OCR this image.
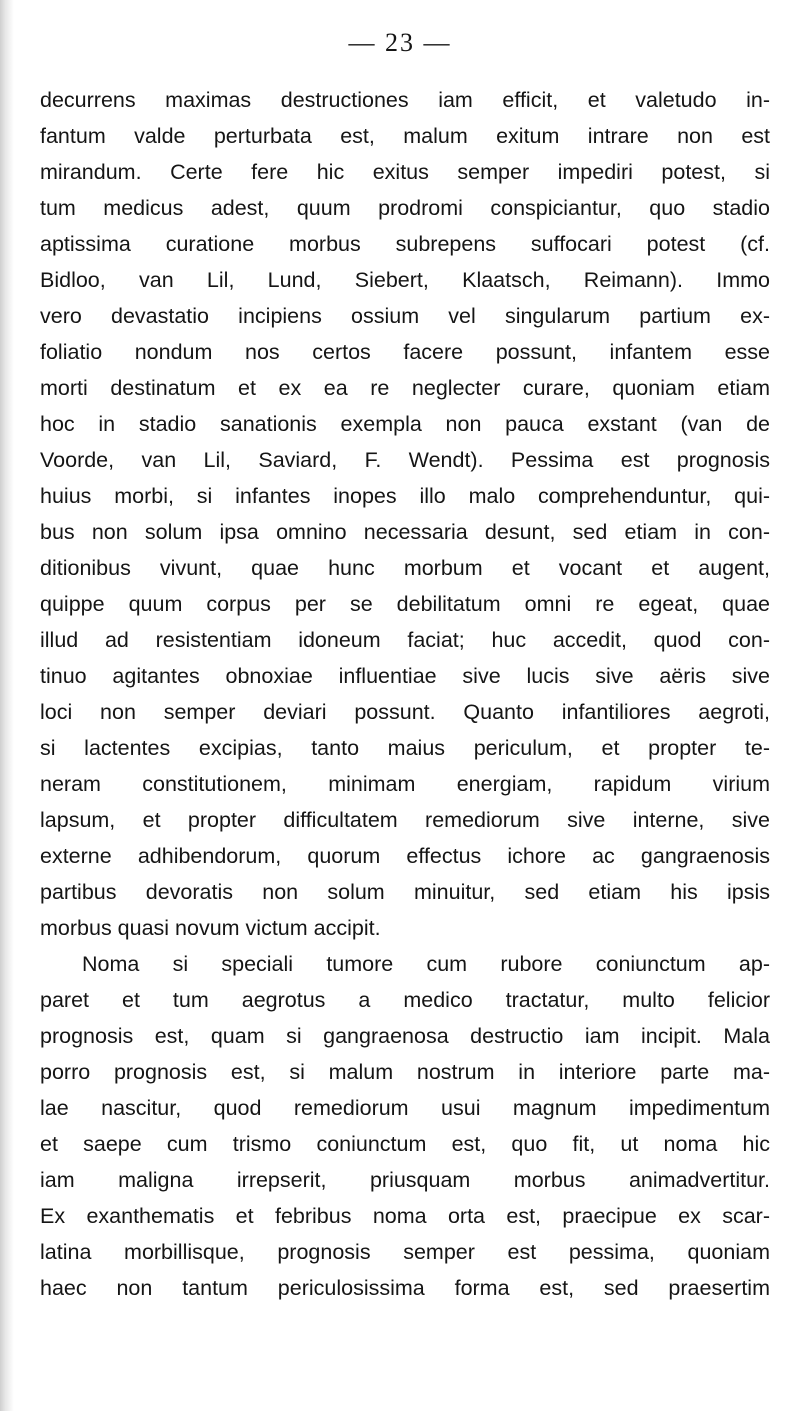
— 23 —
decurrens maximas destructiones iam efficit, et valetudo in-
fantum valde perturbata est, malum exitum intrare non est
mirandum. Certe fere hic exitus semper impediri potest, si
tum medicus adest, quum prodromi conspiciantur, quo stadio
aptissima curatione morbus subrepens suffocari potest (cf.
Bidloo, van Lil, Lund, Siebert, Klaatsch, Reimann). Immo
vero devastatio incipiens ossium vel singularum partium ex-
foliatio nondum nos certos facere possunt, infantem esse
morti destinatum et ex ea re neglecter curare, quoniam etiam
hoc in stadio sanationis exempla non pauca exstant (van de
Voorde, van Lil, Saviard, F. Wendt). Pessima est prognosis
huius morbi, si infantes inopes illo malo comprehenduntur, qui-
bus non solum ipsa omnino necessaria desunt, sed etiam in con-
ditionibus vivunt, quae hunc morbum et vocant et augent,
quippe quum corpus per se debilitatum omni re egeat, quae
illud ad resistentiam idoneum faciat; huc accedit, quod con-
tinuo agitantes obnoxiae influentiae sive lucis sive aëris sive
loci non semper deviari possunt. Quanto infantiliores aegroti,
si lactentes excipias, tanto maius periculum, et propter te-
neram constitutionem, minimam energiam, rapidum virium
lapsum, et propter difficultatem remediorum sive interne, sive
externe adhibendorum, quorum effectus ichore ac gangraenosis
partibus devoratis non solum minuitur, sed etiam his ipsis
morbus quasi novum victum accipit.
Noma si speciali tumore cum rubore coniunctum ap-
paret et tum aegrotus a medico tractatur, multo felicior
prognosis est, quam si gangraenosa destructio iam incipit. Mala
porro prognosis est, si malum nostrum in interiore parte ma-
lae nascitur, quod remediorum usui magnum impedimentum
et saepe cum trismo coniunctum est, quo fit, ut noma hic
iam maligna irrepserit, priusquam morbus animadvertitur.
Ex exanthematis et febribus noma orta est, praecipue ex scar-
latina morbillisque, prognosis semper est pessima, quoniam
haec non tantum periculosissima forma est, sed praesertim
